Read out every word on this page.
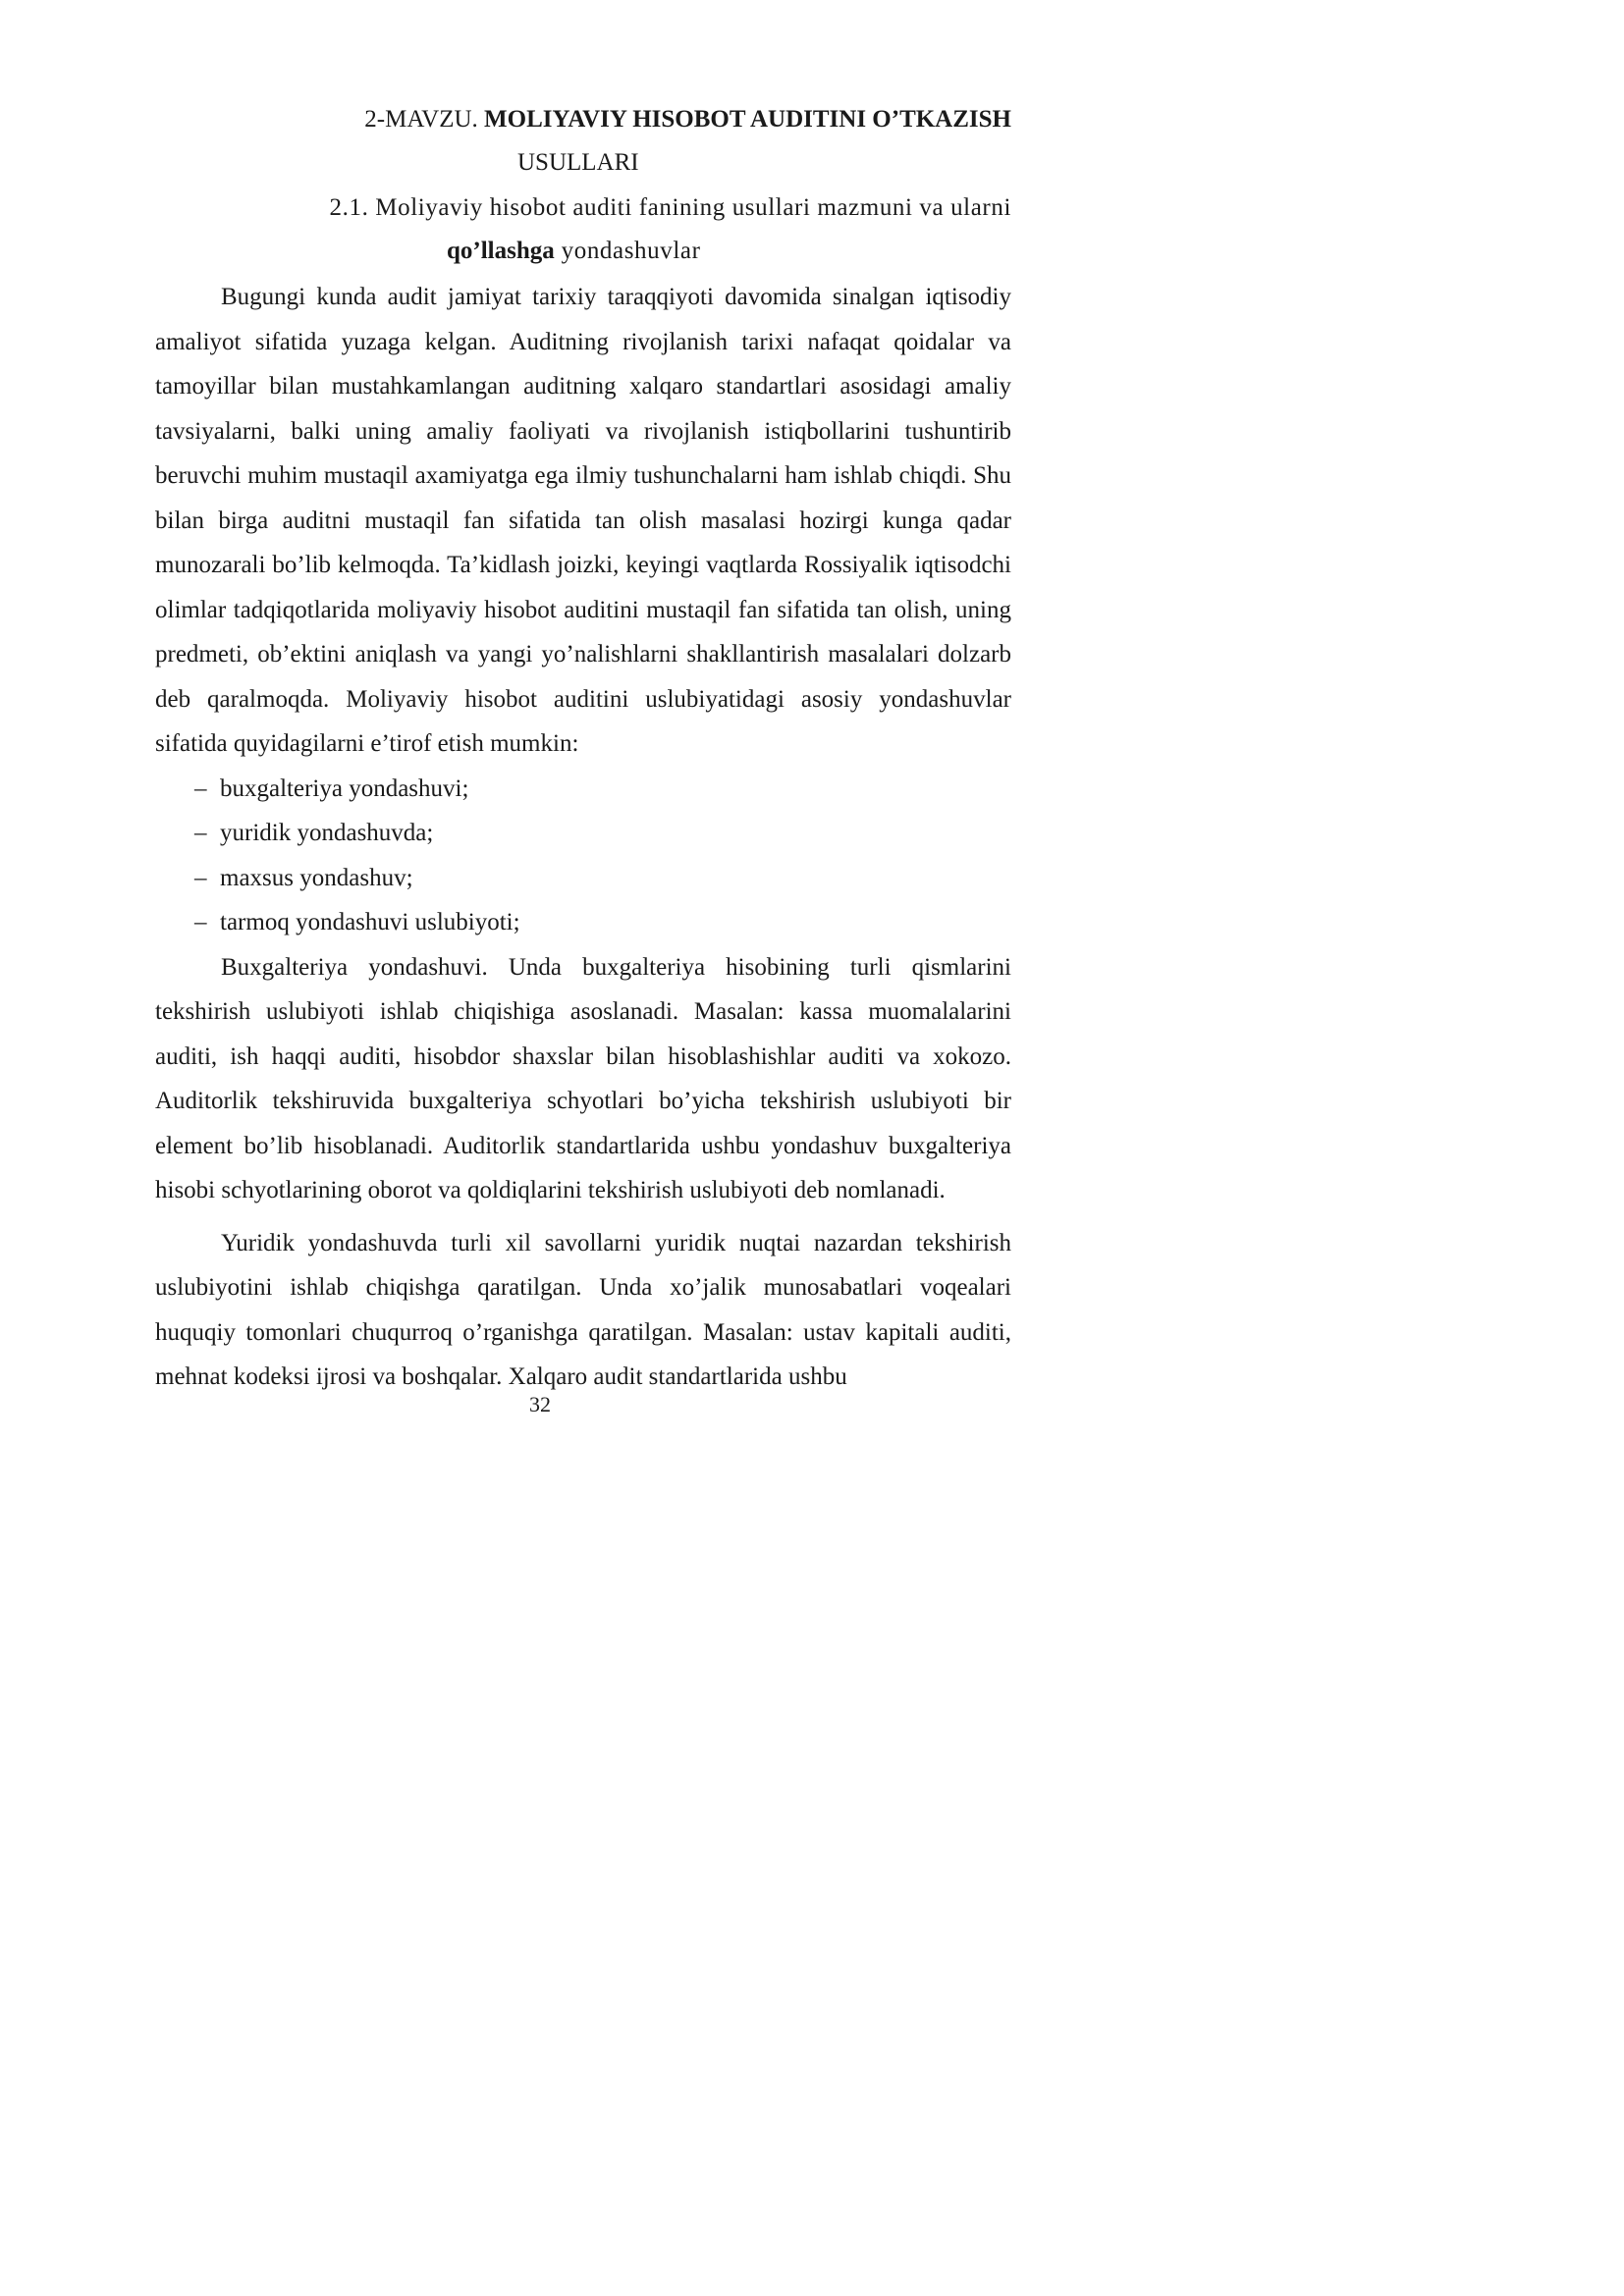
2-MAVZU. MOLIYAVIY HISOBOT AUDITINI O’TKAZISH
USULLARI
2.1. Moliyaviy hisobot auditi fanining usullari mazmuni va ularni
qo’llashga yondashuvlar

Bugungi kunda audit jamiyat tarixiy taraqqiyoti davomida sinalgan iqtisodiy amaliyot sifatida yuzaga kelgan. Auditning rivojlanish tarixi nafaqat qoidalar va tamoyillar bilan mustahkamlangan auditning xalqaro standartlari asosidagi amaliy tavsiyalarni, balki uning amaliy faoliyati va rivojlanish istiqbollarini tushuntirib beruvchi muhim mustaqil axamiyatga ega ilmiy tushunchalarni ham ishlab chiqdi. Shu bilan birga auditni mustaqil fan sifatida tan olish masalasi hozirgi kunga qadar munozarali bo’lib kelmoqda. Ta’kidlash joizki, keyingi vaqtlarda Rossiyalik iqtisodchi olimlar tadqiqotlarida moliyaviy hisobot auditini mustaqil fan sifatida tan olish, uning predmeti, ob’ektini aniqlash va yangi yo’nalishlarni shakllantirish masalalari dolzarb deb qaralmoqda. Moliyaviy hisobot auditini uslubiyatidagi asosiy yondashuvlar sifatida quyidagilarni e’tirof etish mumkin:

– buxgalteriya yondashuvi;
– yuridik yondashuvda;
– maxsus yondashuv;
– tarmoq yondashuvi uslubiyoti;

Buxgalteriya yondashuvi. Unda buxgalteriya hisobining turli qismlarini tekshirish uslubiyoti ishlab chiqishiga asoslanadi. Masalan: kassa muomalalarini auditi, ish haqqi auditi, hisobdor shaxslar bilan hisoblashishlar auditi va xokozo. Auditorlik tekshiruvida buxgalteriya schyotlari bo’yicha tekshirish uslubiyoti bir element bo’lib hisoblanadi. Auditorlik standartlarida ushbu yondashuv buxgalteriya hisobi schyotlarining oborot va qoldiqlarini tekshirish uslubiyoti deb nomlanadi.

Yuridik yondashuvda turli xil savollarni yuridik nuqtai nazardan tekshirish uslubiyotini ishlab chiqishga qaratilgan. Unda xo’jalik munosabatlari voqealari huquqiy tomonlari chuqurroq o’rganishga qaratilgan. Masalan: ustav kapitali auditi, mehnat kodeksi ijrosi va boshqalar. Xalqaro audit standartlarida ushbu

32
